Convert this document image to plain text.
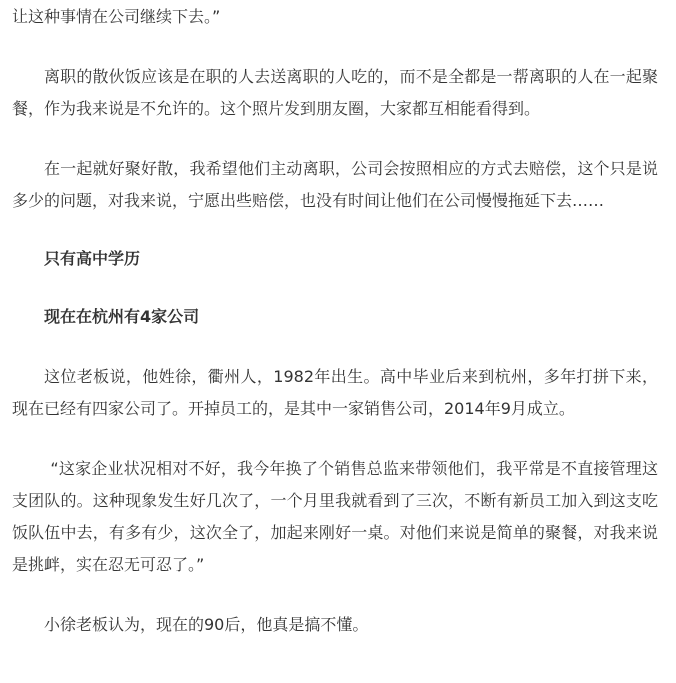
让这种事情在公司继续下去。”

离职的散伙饭应该是在职的人去送离职的人吃的，而不是全都是一帮离职的人在一起聚餐，作为我来说是不允许的。这个照片发到朋友圈，大家都互相能看得到。

在一起就好聚好散，我希望他们主动离职，公司会按照相应的方式去赔偿，这个只是说多少的问题，对我来说，宁愿出些赔偿，也没有时间让他们在公司慢慢拖延下去……

只有高中学历

现在在杭州有4家公司

这位老板说，他姓徐，衢州人，1982年出生。高中毕业后来到杭州，多年打拼下来，现在已经有四家公司了。开掉员工的，是其中一家销售公司，2014年9月成立。

“这家企业状况相对不好，我今年换了个销售总监来带领他们，我平常是不直接管理这支团队的。这种现象发生好几次了，一个月里我就看到了三次，不断有新员工加入到这支吃饭队伍中去，有多有少，这次全了，加起来刚好一桌。对他们来说是简单的聚餐，对我来说是挑衅，实在忍无可忍了。”

小徐老板认为，现在的90后，他真是搞不懂。
